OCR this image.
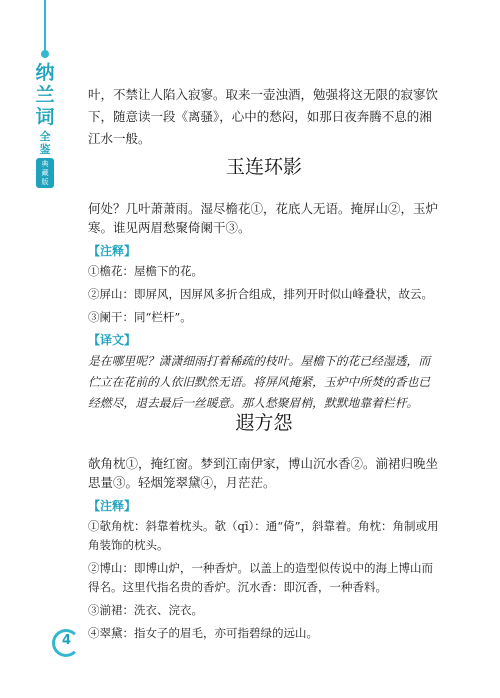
纳
兰
词
全
鉴
典
藏
版
叶，不禁让人陷入寂寥。取来一壶浊酒，勉强将这无限的寂寥饮下，随意读一段《离骚》，心中的愁闷，如那日夜奔腾不息的湘江水一般。
玉连环影
何处？几叶萧萧雨。湿尽檐花①，花底人无语。掩屏山②，玉炉寒。谁见两眉愁聚倚阑干③。
【注释】
①檐花：屋檐下的花。
②屏山：即屏风，因屏风多折合组成，排列开时似山峰叠状，故云。
③阑干：同“栏杆”。
【译文】
是在哪里呢？潇潇细雨打着稀疏的枝叶。屋檐下的花已经湿透，而伫立在花前的人依旧默然无语。将屏风掩紧，玉炉中所焚的香也已经燃尽，退去最后一丝暖意。那人愁聚眉梢，默默地靠着栏杆。
遐方怨
欹角枕①，掩红窗。梦到江南伊家，博山沉水香②。湔裙归晚坐思量③。轻烟笼翠黛④，月茫茫。
【注释】
①欹角枕：斜靠着枕头。欹（qī）：通“倚”，斜靠着。角枕：角制或用角装饰的枕头。
②博山：即博山炉，一种香炉。以盖上的造型似传说中的海上博山而得名。这里代指名贵的香炉。沉水香：即沉香，一种香料。
③湔裙：洗衣、浣衣。
④翠黛：指女子的眉毛，亦可指碧绿的远山。
4
